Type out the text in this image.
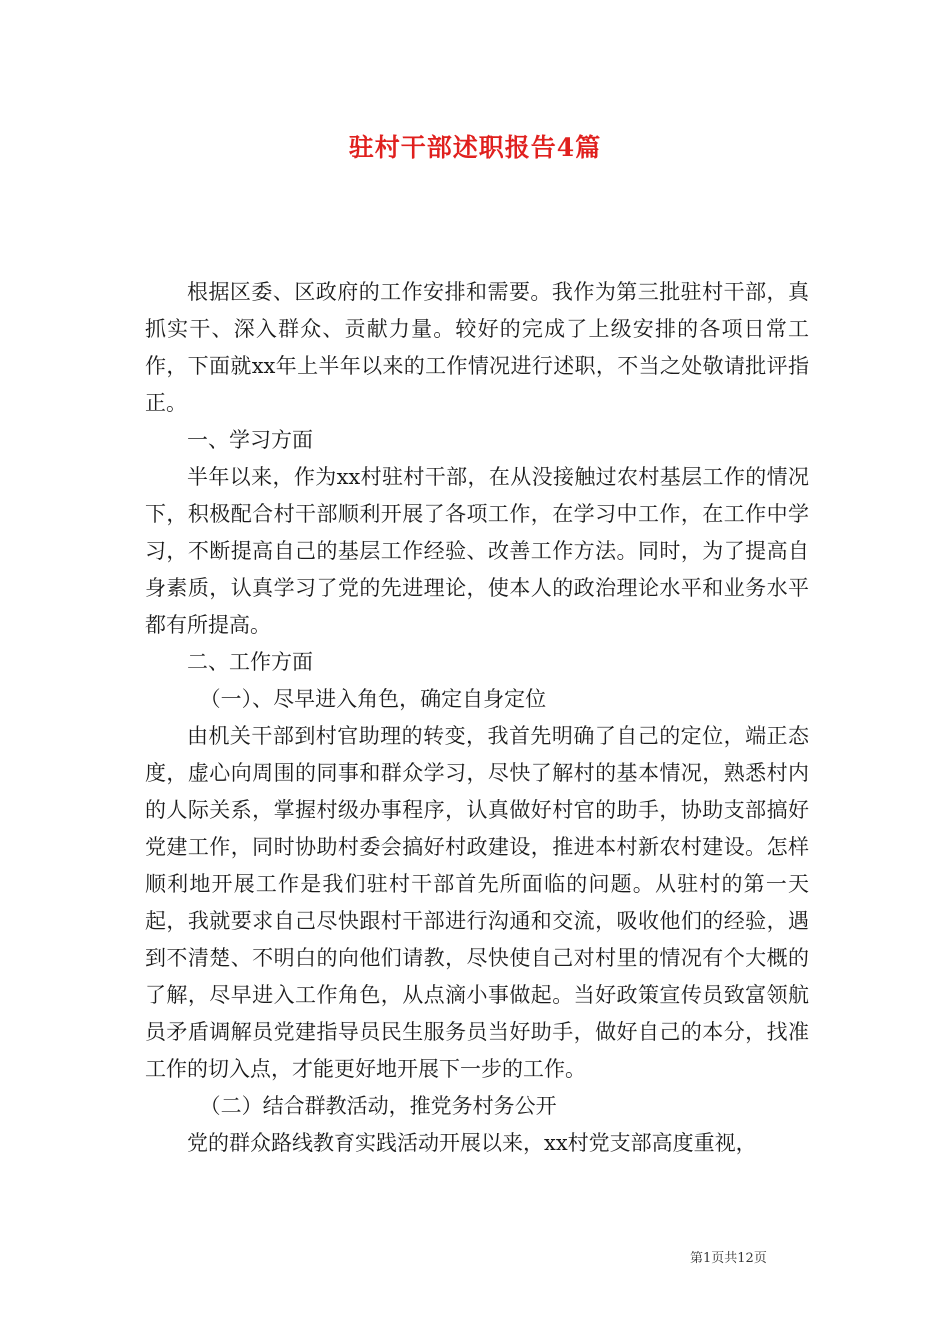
驻村干部述职报告4篇

根据区委、区政府的工作安排和需要。我作为第三批驻村干部，真抓实干、深入群众、贡献力量。较好的完成了上级安排的各项日常工作，下面就xx年上半年以来的工作情况进行述职，不当之处敬请批评指正。

一、学习方面

半年以来，作为xx村驻村干部，在从没接触过农村基层工作的情况下，积极配合村干部顺利开展了各项工作，在学习中工作，在工作中学习，不断提高自己的基层工作经验、改善工作方法。同时，为了提高自身素质，认真学习了党的先进理论，使本人的政治理论水平和业务水平都有所提高。

二、工作方面

（一）、尽早进入角色，确定自身定位

由机关干部到村官助理的转变，我首先明确了自己的定位，端正态度，虚心向周围的同事和群众学习，尽快了解村的基本情况，熟悉村内的人际关系，掌握村级办事程序，认真做好村官的助手，协助支部搞好党建工作，同时协助村委会搞好村政建设，推进本村新农村建设。怎样顺利地开展工作是我们驻村干部首先所面临的问题。从驻村的第一天起，我就要求自己尽快跟村干部进行沟通和交流，吸收他们的经验，遇到不清楚、不明白的向他们请教，尽快使自己对村里的情况有个大概的了解，尽早进入工作角色，从点滴小事做起。当好政策宣传员致富领航员矛盾调解员党建指导员民生服务员当好助手，做好自己的本分，找准工作的切入点，才能更好地开展下一步的工作。

（二）结合群教活动，推党务村务公开

党的群众路线教育实践活动开展以来，xx村党支部高度重视，

第1页共12页
